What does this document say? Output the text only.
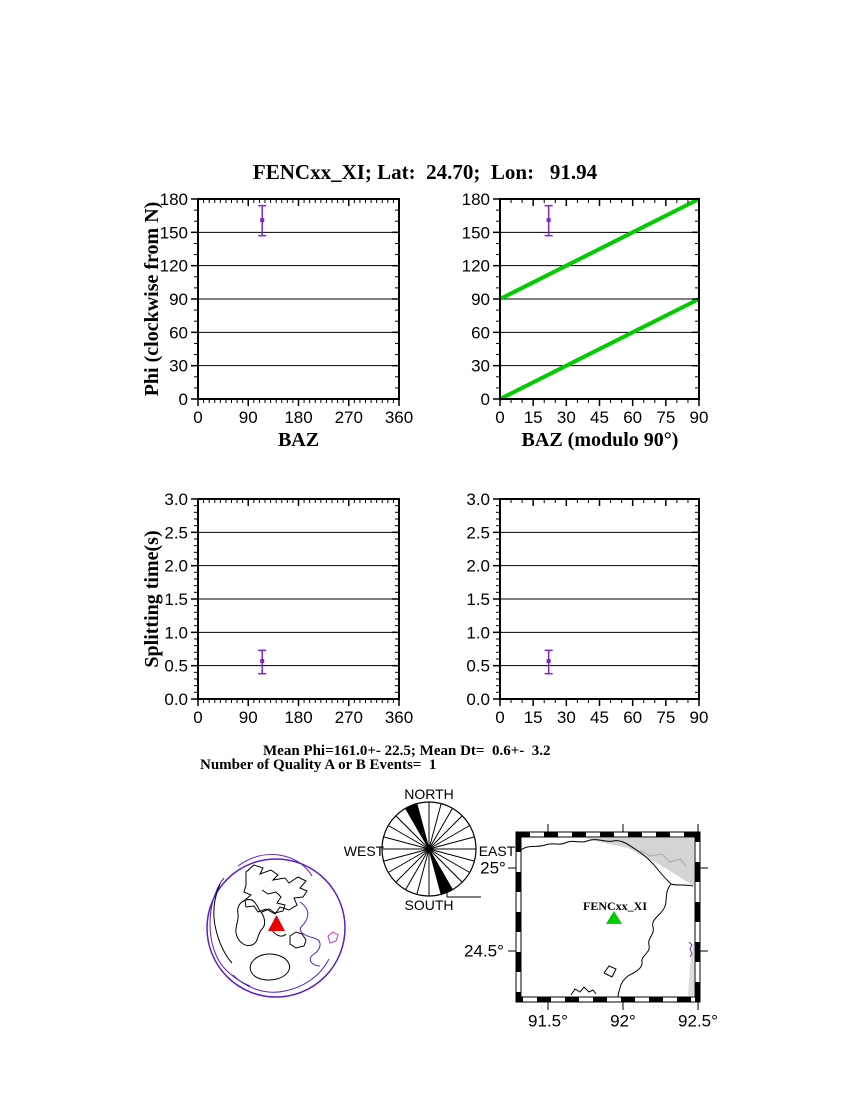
0 90 180 270 360
0
30
60
90
120
150
180
0 15 30 45 60 75 90
0
30
60
90
120
150
180
0 90 180 270 360
0.0
0.5
1.0
1.5
2.0
2.5
3.0
0 15 30 45 60 75 90
0.0
0.5
1.0
1.5
2.0
2.5
3.0
FENCxx_XI; Lat:  24.70;  Lon:   91.94
BAZ	BAZ (modulo 90°)
Phi (clockwise from N)
Splitting time(s)
Mean Phi=161.0+- 22.5; Mean Dt=  0.6+-  3.2
Number of Quality A or B Events=  1
NORTH
SOUTH
WEST	EAST
91.5° 92° 92.5°
25°
24.5°
FENCxx_XI
